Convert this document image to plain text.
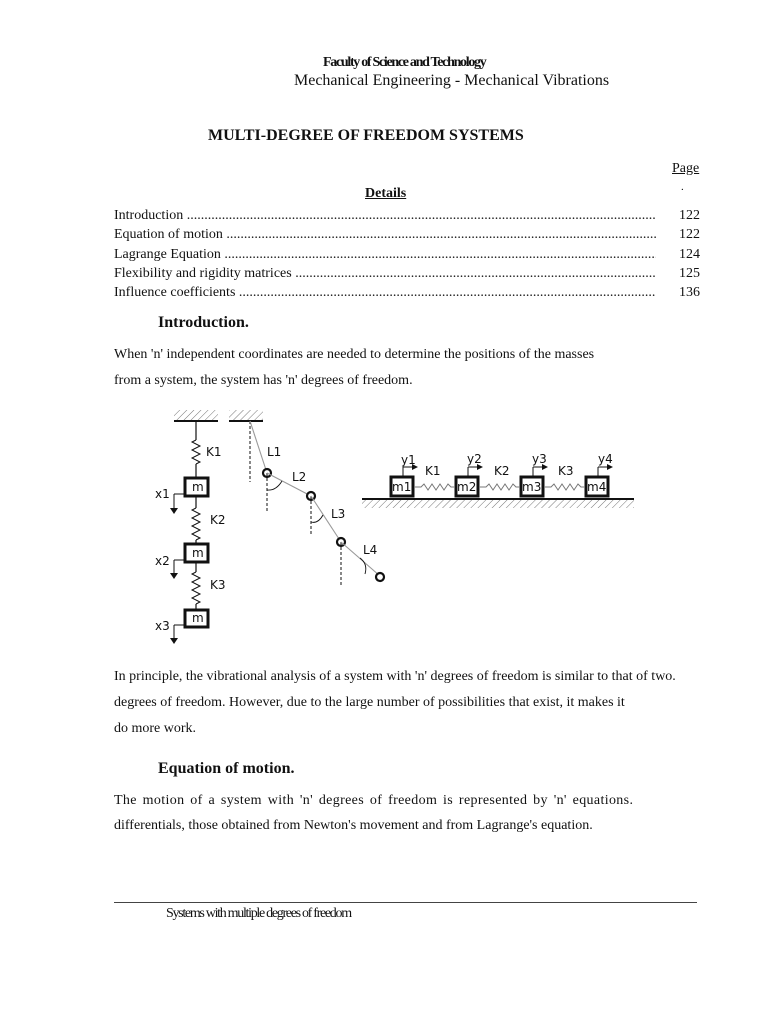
Faculty of Science and Technology
Mechanical Engineering - Mechanical Vibrations
MULTI-DEGREE OF FREEDOM SYSTEMS
Page
.
Details
Introduction .....	122
Equation of motion .....	122
Lagrange Equation .....	124
Flexibility and rigidity matrices .....	125
Influence coefficients .....	136
Introduction.
When 'n' independent coordinates are needed to determine the positions of the masses
from a system, the system has 'n' degrees of freedom.
m
K1
x1
m
K2
x2
m
K3
x3
L1
L2
L3
L4
m1	m2	m3	m4
K1	K2	K3
y1	y2	y3	y4
In principle, the vibrational analysis of a system with 'n' degrees of freedom is similar to that of two.
degrees of freedom. However, due to the large number of possibilities that exist, it makes it
do more work.
Equation of motion.
The motion of a system with 'n' degrees of freedom is represented by 'n' equations.
differentials, those obtained from Newton's movement and from Lagrange's equation.
Systems with multiple degrees of freedom
